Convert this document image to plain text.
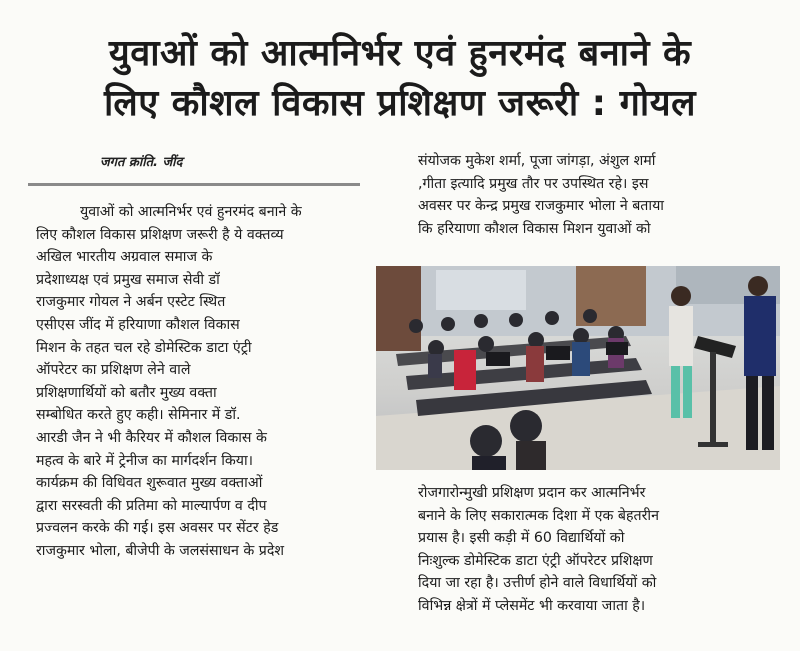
युवाओं को आत्मनिर्भर एवं हुनरमंद बनाने के
लिए कौशल विकास प्रशिक्षण जरूरी : गोयल
जगत क्रांति. जींद
युवाओं को आत्मनिर्भर एवं हुनरमंद बनाने के
लिए कौशल विकास प्रशिक्षण जरूरी है ये वक्तव्य
अखिल भारतीय अग्रवाल समाज के
प्रदेशाध्यक्ष एवं प्रमुख समाज सेवी डॉ
राजकुमार गोयल ने अर्बन एस्टेट स्थित
एसीएस जींद में हरियाणा कौशल विकास
मिशन के तहत चल रहे डोमेस्टिक डाटा एंट्री
ऑपरेटर का प्रशिक्षण लेने वाले
प्रशिक्षणार्थियों को बतौर मुख्य वक्ता
सम्बोधित करते हुए कही। सेमिनार में डॉ.
आरडी जैन ने भी कैरियर में कौशल विकास के
महत्व के बारे में ट्रेनीज का मार्गदर्शन किया।
कार्यक्रम की विधिवत शुरूवात मुख्य वक्ताओं
द्वारा सरस्वती की प्रतिमा को माल्यार्पण व दीप
प्रज्वलन करके की गई। इस अवसर पर सेंटर हेड
राजकुमार भोला, बीजेपी के जलसंसाधन के प्रदेश
संयोजक मुकेश शर्मा, पूजा जांगड़ा, अंशुल शर्मा
,गीता इत्यादि प्रमुख तौर पर उपस्थित रहे। इस
अवसर पर केन्द्र प्रमुख राजकुमार भोला ने बताया
कि हरियाणा कौशल विकास मिशन युवाओं को
रोजगारोन्मुखी प्रशिक्षण प्रदान कर आत्मनिर्भर
बनाने के लिए सकारात्मक दिशा में एक बेहतरीन
प्रयास है। इसी कड़ी में 60 विद्यार्थियों को
निःशुल्क डोमेस्टिक डाटा एंट्री ऑपरेटर प्रशिक्षण
दिया जा रहा है। उत्तीर्ण होने वाले विधार्थियों को
विभिन्न क्षेत्रों में प्लेसमेंट भी करवाया जाता है।
